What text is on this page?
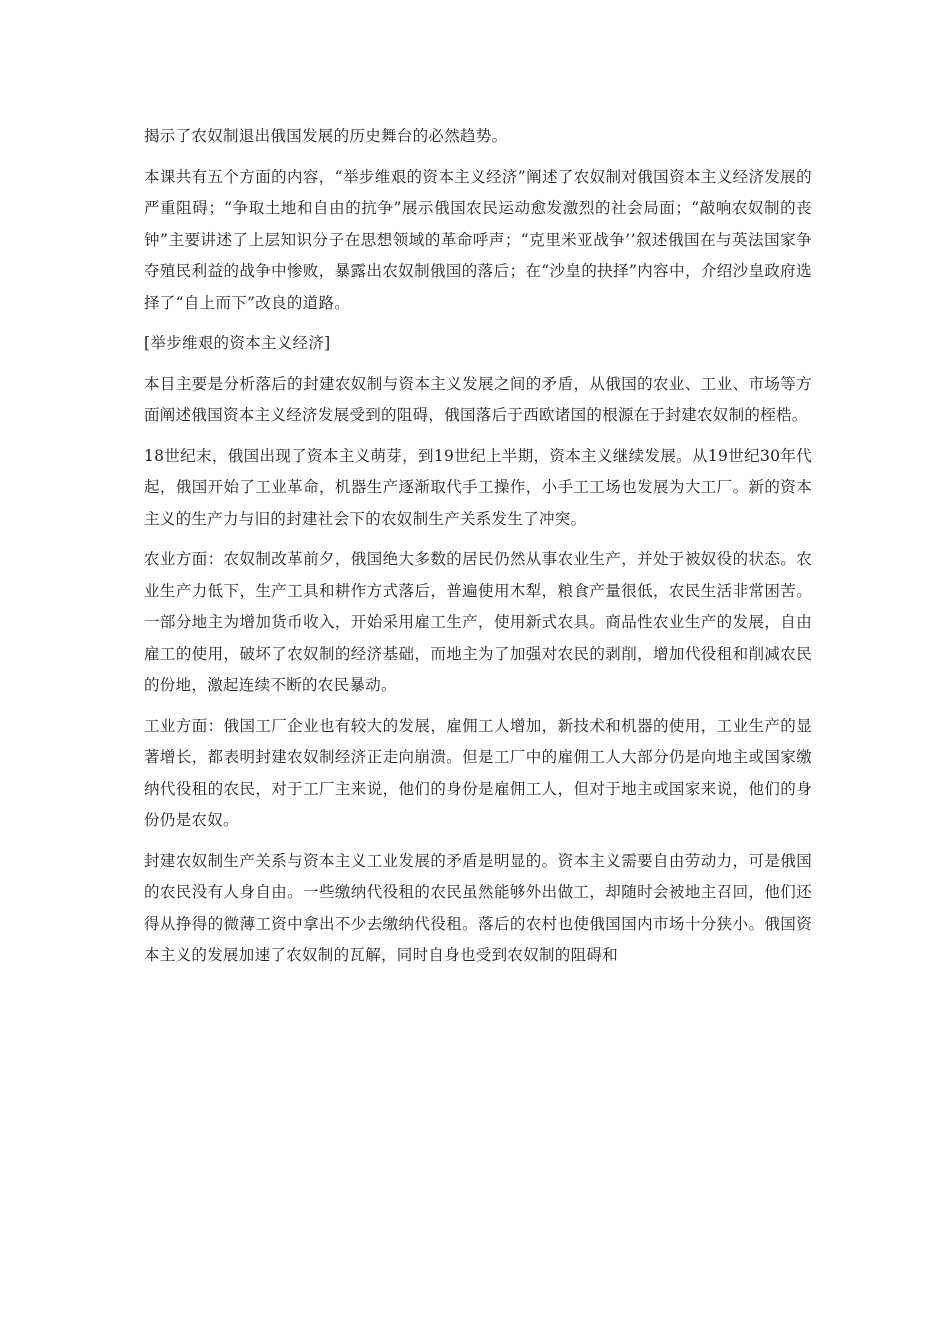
揭示了农奴制退出俄国发展的历史舞台的必然趋势。

本课共有五个方面的内容，“举步维艰的资本主义经济”阐述了农奴制对俄国资本主义经济发展的严重阻碍；“争取土地和自由的抗争”展示俄国农民运动愈发激烈的社会局面；“敲响农奴制的丧钟”主要讲述了上层知识分子在思想领域的革命呼声；“克里米亚战争’’叙述俄国在与英法国家争夺殖民利益的战争中惨败，暴露出农奴制俄国的落后；在“沙皇的抉择”内容中，介绍沙皇政府选择了“自上而下”改良的道路。

[举步维艰的资本主义经济]

本目主要是分析落后的封建农奴制与资本主义发展之间的矛盾，从俄国的农业、工业、市场等方面阐述俄国资本主义经济发展受到的阻碍，俄国落后于西欧诸国的根源在于封建农奴制的桎梏。

18世纪末，俄国出现了资本主义萌芽，到19世纪上半期，资本主义继续发展。从19世纪30年代起，俄国开始了工业革命，机器生产逐渐取代手工操作，小手工工场也发展为大工厂。新的资本主义的生产力与旧的封建社会下的农奴制生产关系发生了冲突。

农业方面：农奴制改革前夕，俄国绝大多数的居民仍然从事农业生产，并处于被奴役的状态。农业生产力低下，生产工具和耕作方式落后，普遍使用木犁，粮食产量很低，农民生活非常困苦。一部分地主为增加货币收入，开始采用雇工生产，使用新式农具。商品性农业生产的发展，自由雇工的使用，破坏了农奴制的经济基础，而地主为了加强对农民的剥削，增加代役租和削减农民的份地，激起连续不断的农民暴动。

工业方面：俄国工厂企业也有较大的发展，雇佣工人增加，新技术和机器的使用，工业生产的显著增长，都表明封建农奴制经济正走向崩溃。但是工厂中的雇佣工人大部分仍是向地主或国家缴纳代役租的农民，对于工厂主来说，他们的身份是雇佣工人，但对于地主或国家来说，他们的身份仍是农奴。

封建农奴制生产关系与资本主义工业发展的矛盾是明显的。资本主义需要自由劳动力，可是俄国的农民没有人身自由。一些缴纳代役租的农民虽然能够外出做工，却随时会被地主召回，他们还得从挣得的微薄工资中拿出不少去缴纳代役租。落后的农村也使俄国国内市场十分狭小。俄国资本主义的发展加速了农奴制的瓦解，同时自身也受到农奴制的阻碍和
